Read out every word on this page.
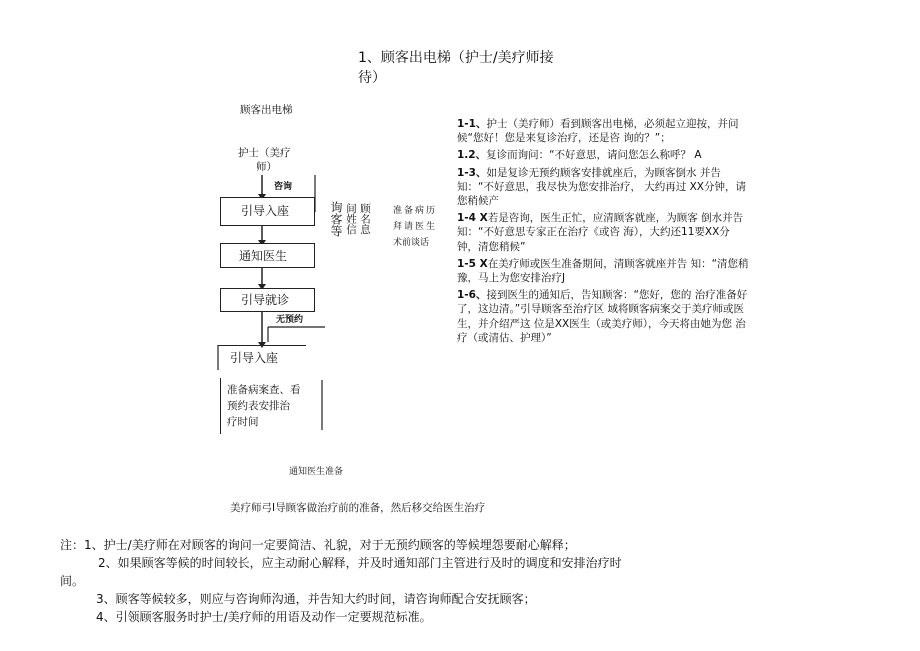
1、顾客出电梯（护士/美疗师接
待）
顾客出电梯
护士（美疗
师）
咨询
引导入座
通知医生
引导就诊
无预约
引导入座
准备病案查、看
预约表安排治
疗时间
询客等 间姓信 顾名息 准备病历
拜请医生
术前谈话
通知医生准备
美疗师弓I导顾客做治疗前的准备，然后移交给医生治疗
1-1、护士（美疗师）看到顾客出电梯，必须起立迎按，并问候“您好！您是来复诊治疗，还是咨 询的？”；
1.2、复诊而询问：“不好意思，请问您怎么称呼？ A
1-3、如是复诊无预约顾客安排就座后，为顾客倒水 并告知：“不好意思，我尽快为您安排治疗， 大约再过 XX分钟，请您稍候产
1-4 X若是咨询，医生正忙，应清顾客就座，为顾客 倒水并告知：“不好意思专家正在治疗《或咨 海），大约还11要XX分钟，清您稍候”
1-5 X在美疗师或医生准备期间，清顾客就座并告 知：“清您稍豫，马上为您安排治疗J
1-6、接到医生的通知后，告知顾客：“您好，您的 治疗准备好了，这边清。”引导顾客至治疗区 域将顾客病案交于美疗师或医生，并介绍严这 位是XX医生（或美疗师），今天将由她为您 治疗（或清估、护理）”
注：1、护士/美疗师在对顾客的询问一定要简洁、礼貌，对于无预约顾客的等候埋怨要耐心解释；
2、如果顾客等候的时间较长，应主动耐心解释，并及时通知部门主管进行及时的调度和安排治疗时
间。
3、顾客等候较多，则应与咨询师沟通，并告知大约时间，请咨询师配合安抚顾客；
4、引领顾客服务时护士/美疗师的用语及动作一定要规范标准。
